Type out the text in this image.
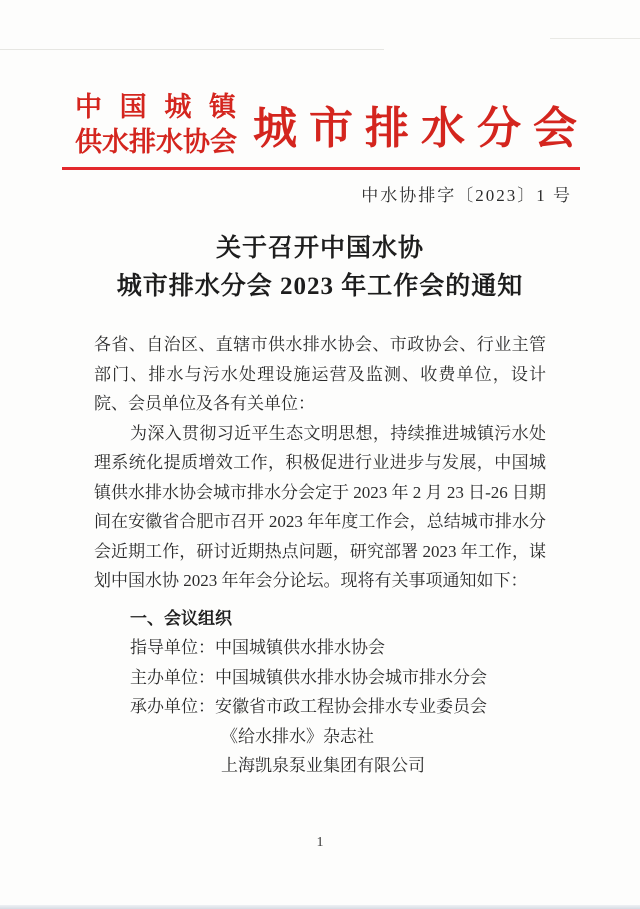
中国城镇
供水排水协会 城市排水分会
中水协排字〔2023〕1 号
关于召开中国水协
城市排水分会 2023 年工作会的通知

各省、自治区、直辖市供水排水协会、市政协会、行业主管部门、排水与污水处理设施运营及监测、收费单位，设计院、会员单位及各有关单位：

为深入贯彻习近平生态文明思想，持续推进城镇污水处理系统化提质增效工作，积极促进行业进步与发展，中国城镇供水排水协会城市排水分会定于 2023 年 2 月 23 日-26 日期间在安徽省合肥市召开 2023 年年度工作会，总结城市排水分会近期工作，研讨近期热点问题，研究部署 2023 年工作，谋划中国水协 2023 年年会分论坛。现将有关事项通知如下：

一、会议组织

指导单位：中国城镇供水排水协会

主办单位：中国城镇供水排水协会城市排水分会

承办单位：安徽省市政工程协会排水专业委员会

《给水排水》杂志社

上海凯泉泵业集团有限公司

1
